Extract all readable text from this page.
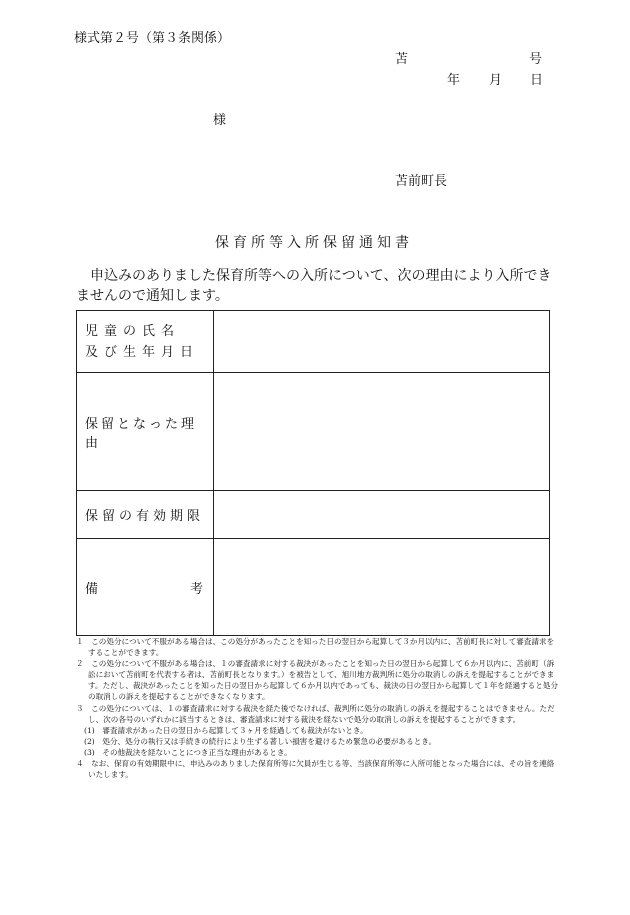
様式第２号（第３条関係）
苫	号
年 月 日
様
苫前町長
保育所等入所保留通知書
申込みのありました保育所等への入所について、次の理由により入所できませんので通知します。
児童の氏名
及び生年月日	

保留となった理由	

保留の有効期限	

備 考	

１　この処分について不服がある場合は、この処分があったことを知った日の翌日から起算して３か月以内に、苫前町長に対して審査請求をすることができます。
２　この処分について不服がある場合は、１の審査請求に対する裁決があったことを知った日の翌日から起算して６か月以内に、苫前町（訴訟において苫前町を代表する者は、苫前町長となります。）を被告として、旭川地方裁判所に処分の取消しの訴えを提起することができます。ただし、裁決があったことを知った日の翌日から起算して６か月以内であっても、裁決の日の翌日から起算して１年を経過すると処分の取消しの訴えを提起することができなくなります。
３　この処分については、１の審査請求に対する裁決を経た後でなければ、裁判所に処分の取消しの訴えを提起することはできません。ただし、次の各号のいずれかに該当するときは、審査請求に対する裁決を経ないで処分の取消しの訴えを提起することができます。
(1)　審査請求があった日の翌日から起算して３ヶ月を経過しても裁決がないとき。
(2)　処分、処分の執行又は手続きの続行により生ずる著しい損害を避けるため緊急の必要があるとき。
(3)　その他裁決を経ないことにつき正当な理由があるとき。
４　なお、保育の有効期限中に、申込みのありました保育所等に欠員が生じる等、当該保育所等に入所可能となった場合には、その旨を連絡いたします。
